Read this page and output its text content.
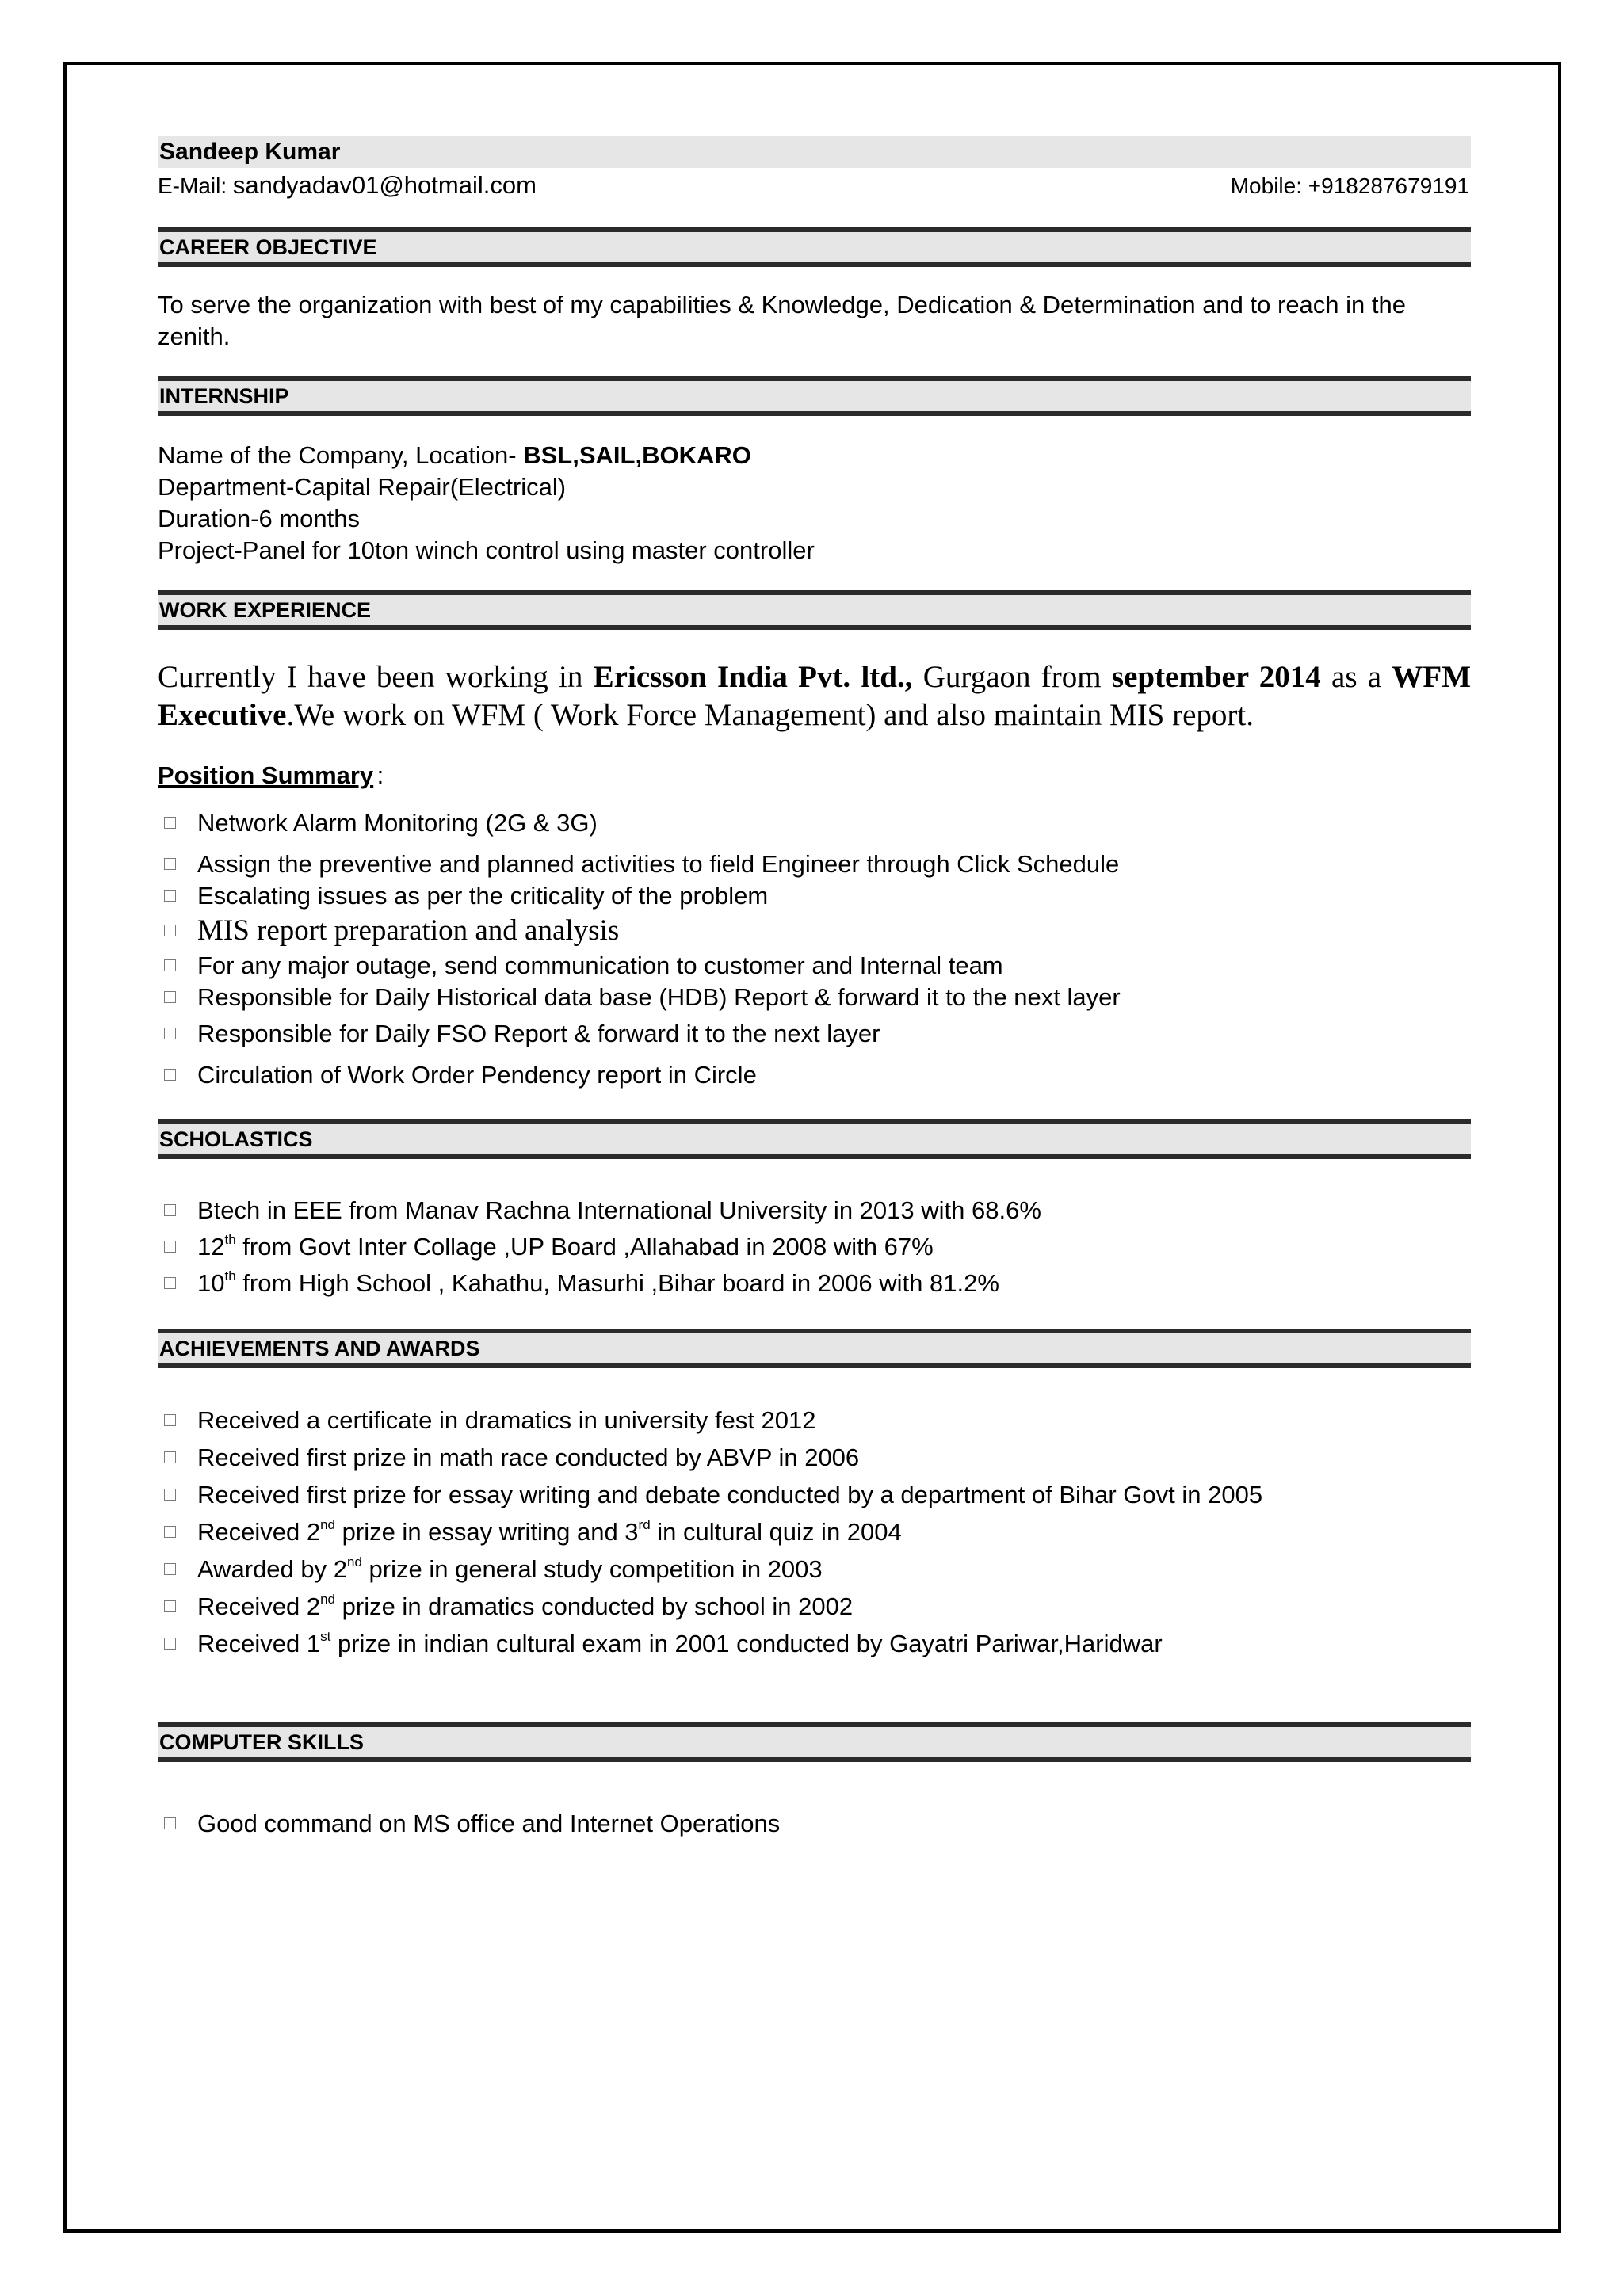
Sandeep Kumar
E-Mail: sandyadav01@hotmail.com	Mobile: +918287679191
CAREER OBJECTIVE
To serve the organization with best of my capabilities & Knowledge, Dedication & Determination and to reach in the zenith.
INTERNSHIP
Name of the Company, Location- BSL,SAIL,BOKARO
Department-Capital Repair(Electrical)
Duration-6 months
Project-Panel for 10ton winch control using master controller
WORK EXPERIENCE
Currently I have been working in Ericsson India Pvt. ltd., Gurgaon from september 2014 as a WFM Executive.We work on WFM ( Work Force Management) and also maintain MIS report.
Position Summary :
Network Alarm Monitoring (2G & 3G)
Assign the preventive and planned activities to field Engineer through Click Schedule
Escalating issues as per the criticality of the problem
MIS report preparation and analysis
For any major outage, send communication to customer and Internal team
Responsible for Daily Historical data base (HDB) Report & forward it to the next layer
Responsible for Daily FSO Report & forward it to the next layer
Circulation of Work Order Pendency report in Circle
SCHOLASTICS
Btech in EEE from Manav Rachna International University in 2013 with 68.6%
12th from Govt Inter Collage ,UP Board ,Allahabad in 2008 with 67%
10th from High School , Kahathu, Masurhi ,Bihar board in 2006 with 81.2%
ACHIEVEMENTS AND AWARDS
Received a certificate in dramatics in university fest 2012
Received first prize in math race conducted by ABVP in 2006
Received first prize for essay writing and debate conducted by a department of Bihar Govt in 2005
Received 2nd prize in essay writing and 3rd in cultural quiz in 2004
Awarded by 2nd prize in general study competition in 2003
Received 2nd prize in dramatics conducted by school in 2002
Received 1st prize in indian cultural exam in 2001 conducted by Gayatri Pariwar,Haridwar
COMPUTER SKILLS
Good command on MS office and Internet Operations
